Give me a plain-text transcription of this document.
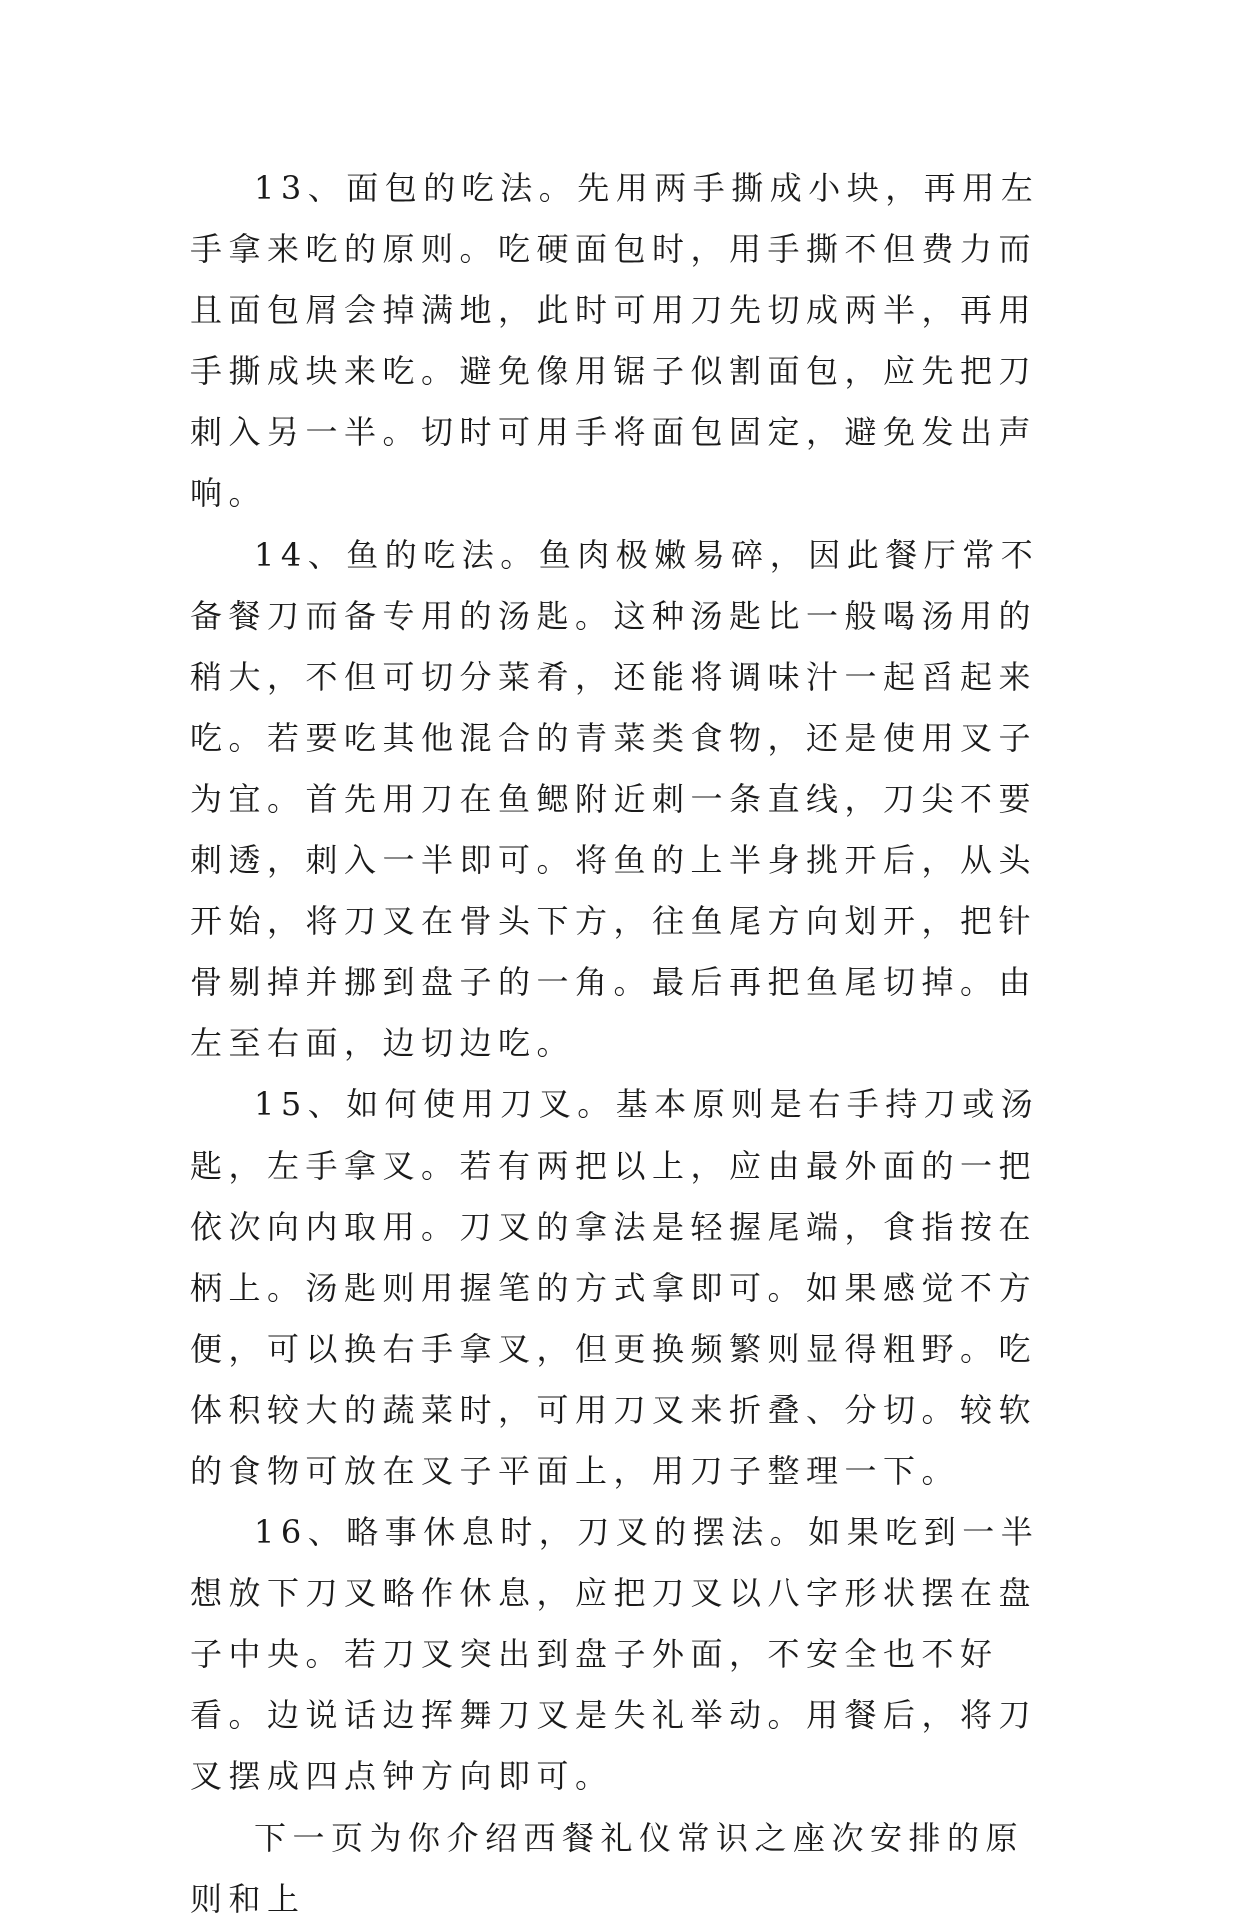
13、面包的吃法。先用两手撕成小块，再用左手拿来吃的原则。吃硬面包时，用手撕不但费力而且面包屑会掉满地，此时可用刀先切成两半，再用手撕成块来吃。避免像用锯子似割面包，应先把刀刺入另一半。切时可用手将面包固定，避免发出声响。

14、鱼的吃法。鱼肉极嫩易碎，因此餐厅常不备餐刀而备专用的汤匙。这种汤匙比一般喝汤用的稍大，不但可切分菜肴，还能将调味汁一起舀起来吃。若要吃其他混合的青菜类食物，还是使用叉子为宜。首先用刀在鱼鳃附近刺一条直线，刀尖不要刺透，刺入一半即可。将鱼的上半身挑开后，从头开始，将刀叉在骨头下方，往鱼尾方向划开，把针骨剔掉并挪到盘子的一角。最后再把鱼尾切掉。由左至右面，边切边吃。

15、如何使用刀叉。基本原则是右手持刀或汤匙，左手拿叉。若有两把以上，应由最外面的一把依次向内取用。刀叉的拿法是轻握尾端，食指按在柄上。汤匙则用握笔的方式拿即可。如果感觉不方便，可以换右手拿叉，但更换频繁则显得粗野。吃体积较大的蔬菜时，可用刀叉来折叠、分切。较软的食物可放在叉子平面上，用刀子整理一下。

16、略事休息时，刀叉的摆法。如果吃到一半想放下刀叉略作休息，应把刀叉以八字形状摆在盘子中央。若刀叉突出到盘子外面，不安全也不好看。边说话边挥舞刀叉是失礼举动。用餐后，将刀叉摆成四点钟方向即可。

下一页为你介绍西餐礼仪常识之座次安排的原则和上
